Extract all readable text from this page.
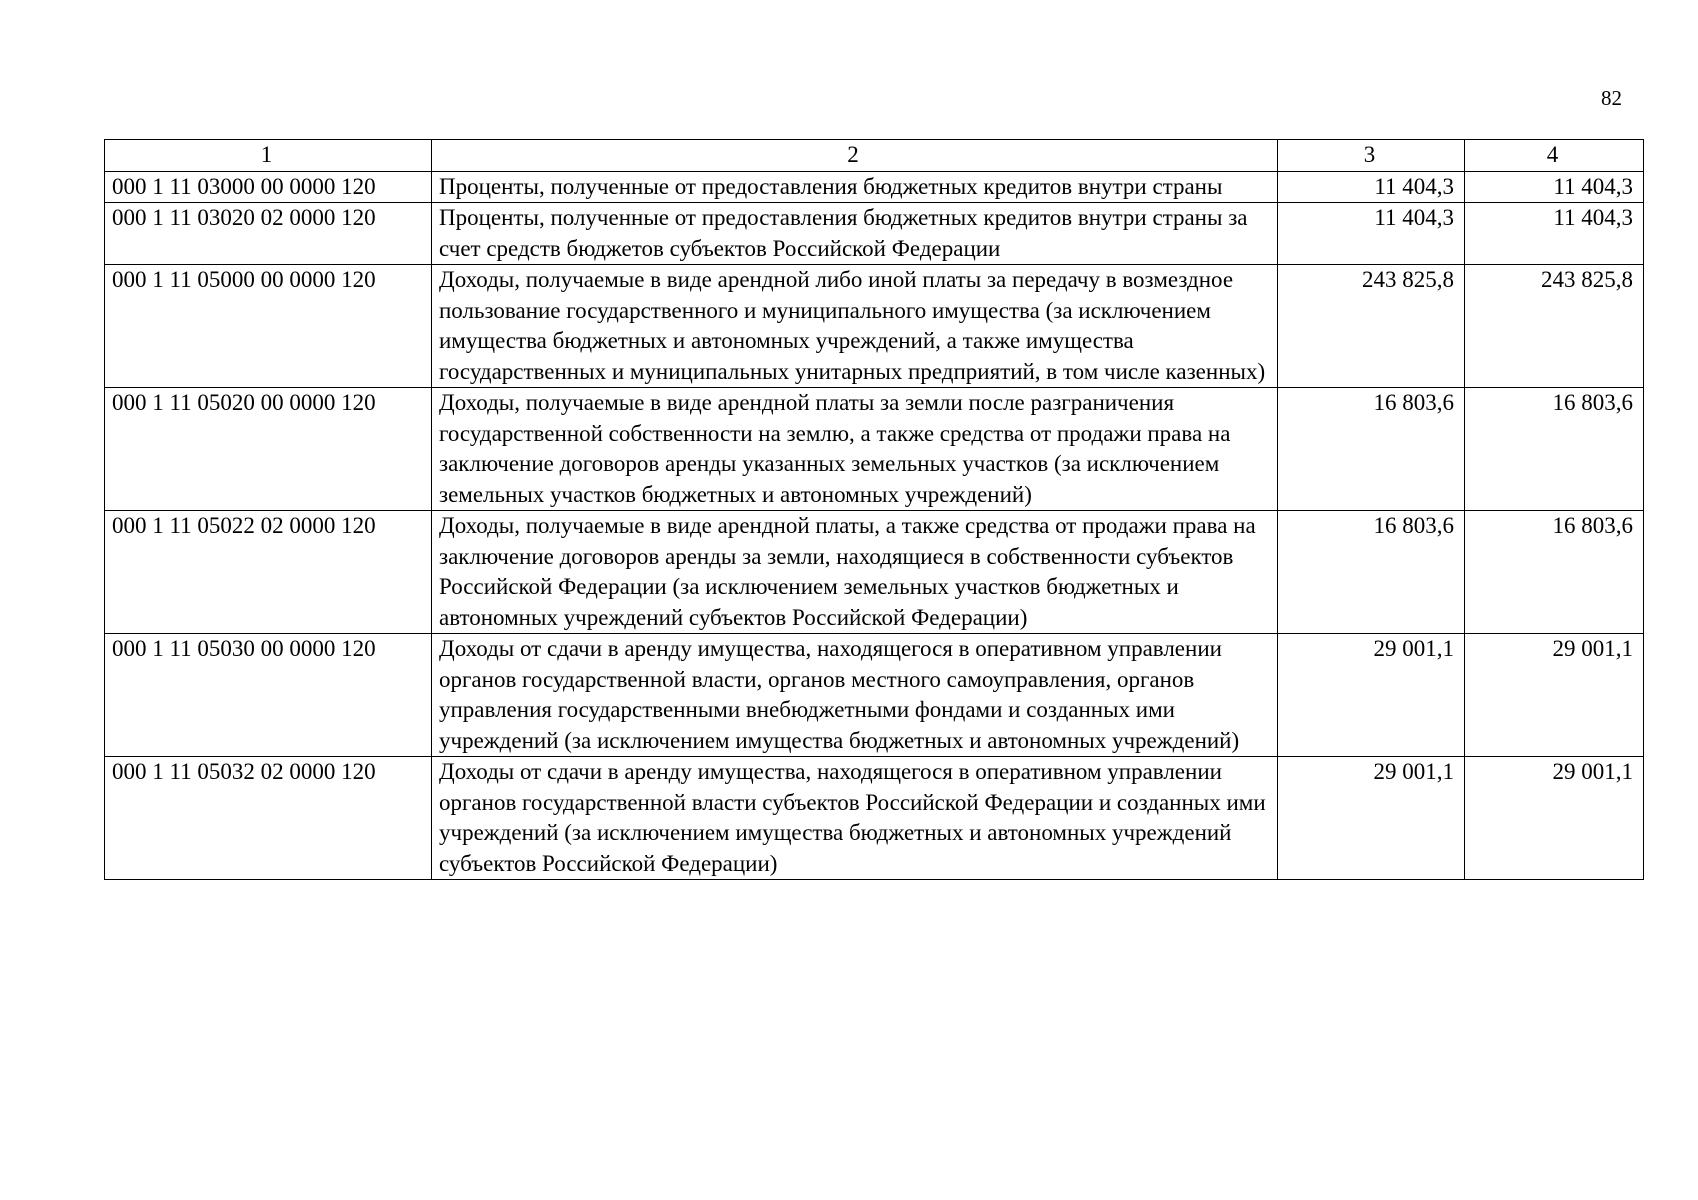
82
1	2	3	4
000 1 11 03000 00 0000 120	Проценты, полученные от предоставления бюджетных кредитов внутри страны	11 404,3	11 404,3
000 1 11 03020 02 0000 120	Проценты, полученные от предоставления бюджетных кредитов внутри страны за счет средств бюджетов субъектов Российской Федерации	11 404,3	11 404,3
000 1 11 05000 00 0000 120	Доходы, получаемые в виде арендной либо иной платы за передачу в возмездное пользование государственного и муниципального имущества (за исключением имущества бюджетных и автономных учреждений, а также имущества государственных и муниципальных унитарных предприятий, в том числе казенных)	243 825,8	243 825,8
000 1 11 05020 00 0000 120	Доходы, получаемые в виде арендной платы за земли после разграничения государственной собственности на землю, а также средства от продажи права на заключение договоров аренды указанных земельных участков (за исключением земельных участков бюджетных и автономных учреждений)	16 803,6	16 803,6
000 1 11 05022 02 0000 120	Доходы, получаемые в виде арендной платы, а также средства от продажи права на заключение договоров аренды за земли, находящиеся в собственности субъектов Российской Федерации (за исключением земельных участков бюджетных и автономных учреждений субъектов Российской Федерации)	16 803,6	16 803,6
000 1 11 05030 00 0000 120	Доходы от сдачи в аренду имущества, находящегося в оперативном управлении органов государственной власти, органов местного самоуправления, органов управления государственными внебюджетными фондами и созданных ими учреждений (за исключением имущества бюджетных и автономных учреждений)	29 001,1	29 001,1
000 1 11 05032 02 0000 120	Доходы от сдачи в аренду имущества, находящегося в оперативном управлении органов государственной власти субъектов Российской Федерации и созданных ими учреждений (за исключением имущества бюджетных и автономных учреждений субъектов Российской Федерации)	29 001,1	29 001,1
